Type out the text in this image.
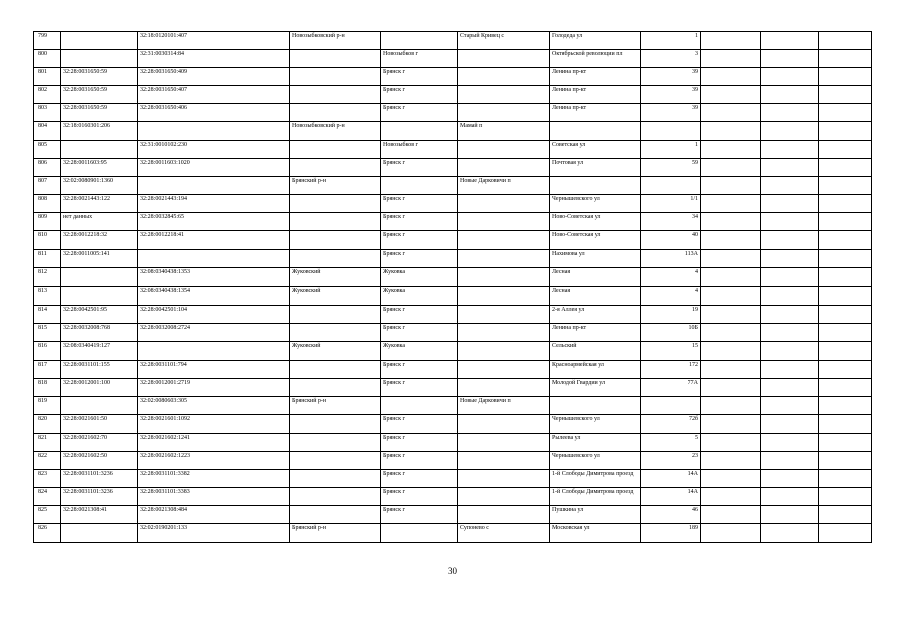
799		32:18:0120101:407	Новозыбковский р-н		Старый Кривец с	Голодеда ул	1			
800		32:31:0030314:84		Новозыбков г		Октябрьской революции пл	3			
801	32:28:0031650:59	32:28:0031650:409		Брянск г		Ленина пр-кт	39			
802	32:28:0031650:59	32:28:0031650:407		Брянск г		Ленина пр-кт	39			
803	32:28:0031650:59	32:28:0031650:406		Брянск г		Ленина пр-кт	39			
804	32:18:0160301:206		Новозыбковский р-н		Мамай п					
805		32:31:0010102:230		Новозыбков г		Советская ул	1			
806	32:28:0011603:95	32:28:0011603:1020		Брянск г		Почтовая ул	59			
807	32:02:0080901:1360		Брянский р-н		Новые Дарковичи п					
808	32:28:0021443:122	32:28:0021443:194		Брянск г		Чернышевского ул	1/1			
809	нет данных	32:28:0032845:65		Брянск г		Ново-Советская ул	34			
810	32:28:0012218:32	32:28:0012218:41		Брянск г		Ново-Советская ул	40			
811	32:28:0011005:141			Брянск г		Нахимова ул	113А			
812		32:08:0340438:1353	Жуковский	Жуковка		Лесная	4			
813		32:08:0340438:1354	Жуковский	Жуковка		Лесная	4			
814	32:28:0042501:95	32:28:0042501:104		Брянск г		2-я Аллея ул	19			
815	32:28:0032008:768	32:28:0032008:2724		Брянск г		Ленина пр-кт	10Б			
816	32:08:0340419:127		Жуковский	Жуковка		Сельский	15			
817	32:28:0031101:155	32:28:0031101:794		Брянск г		Красноармейская ул	172			
818	32:28:0012001:100	32:28:0012001:2719		Брянск г		Молодой Гвардии ул	77А			
819		32:02:0080603:305	Брянский р-н		Новые Дарковичи п					
820	32:28:0021601:50	32:28:0021601:1092		Брянск г		Чернышевского ул	72б			
821	32:28:0021602:70	32:28:0021602:1241		Брянск г		Рылеева ул	5			
822	32:28:0021602:50	32:28:0021602:1223		Брянск г		Чернышевского ул	23			
823	32:28:0031101:3236	32:28:0031101:3382		Брянск г		1-й Слободы Димитрова проезд	14А			
824	32:28:0031101:3236	32:28:0031101:3383		Брянск г		1-й Слободы Димитрова проезд	14А			
825	32:28:0021308:41	32:28:0021308:484		Брянск г		Пушкина ул	46			
826		32:02:0190201:133	Брянский р-н		Супонево с	Московская ул	189			
30
